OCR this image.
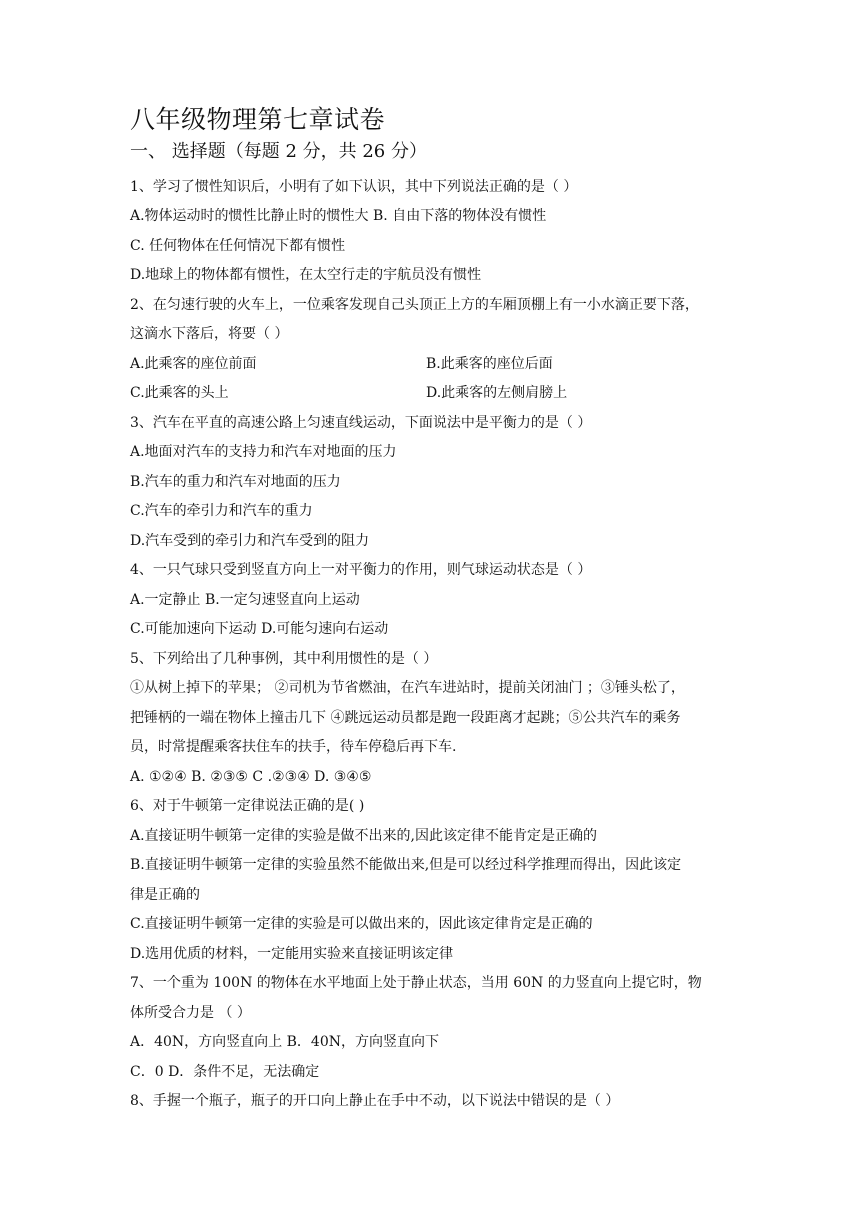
八年级物理第七章试卷
一、 选择题（每题 2 分，共 26 分）
1、学习了惯性知识后，小明有了如下认识，其中下列说法正确的是（ ）
A.物体运动时的惯性比静止时的惯性大 B. 自由下落的物体没有惯性
C. 任何物体在任何情况下都有惯性
D.地球上的物体都有惯性，在太空行走的宇航员没有惯性
2、在匀速行驶的火车上，一位乘客发现自己头顶正上方的车厢顶棚上有一小水滴正要下落，
这滴水下落后，将要（ ）
A.此乘客的座位前面	B.此乘客的座位后面
C.此乘客的头上	D.此乘客的左侧肩膀上
3、汽车在平直的高速公路上匀速直线运动，下面说法中是平衡力的是（ ）
A.地面对汽车的支持力和汽车对地面的压力
B.汽车的重力和汽车对地面的压力
C.汽车的牵引力和汽车的重力
D.汽车受到的牵引力和汽车受到的阻力
4、一只气球只受到竖直方向上一对平衡力的作用，则气球运动状态是（ ）
A.一定静止 B.一定匀速竖直向上运动
C.可能加速向下运动 D.可能匀速向右运动
5、下列给出了几种事例，其中利用惯性的是（ ）
①从树上掉下的苹果； ②司机为节省燃油，在汽车进站时，提前关闭油门 ；③锤头松了，
把锤柄的一端在物体上撞击几下 ④跳远运动员都是跑一段距离才起跳；⑤公共汽车的乘务
员，时常提醒乘客扶住车的扶手，待车停稳后再下车.
A. ①②④ B. ②③⑤ C .②③④ D. ③④⑤
6、对于牛顿第一定律说法正确的是( )
A.直接证明牛顿第一定律的实验是做不出来的,因此该定律不能肯定是正确的
B.直接证明牛顿第一定律的实验虽然不能做出来,但是可以经过科学推理而得出，因此该定
律是正确的
C.直接证明牛顿第一定律的实验是可以做出来的，因此该定律肯定是正确的
D.选用优质的材料，一定能用实验来直接证明该定律
7、一个重为 100N 的物体在水平地面上处于静止状态，当用 60N 的力竖直向上提它时，物
体所受合力是 （ ）
A．40N，方向竖直向上 B．40N，方向竖直向下
C．0 D．条件不足，无法确定
8、手握一个瓶子，瓶子的开口向上静止在手中不动，以下说法中错误的是（ ）
